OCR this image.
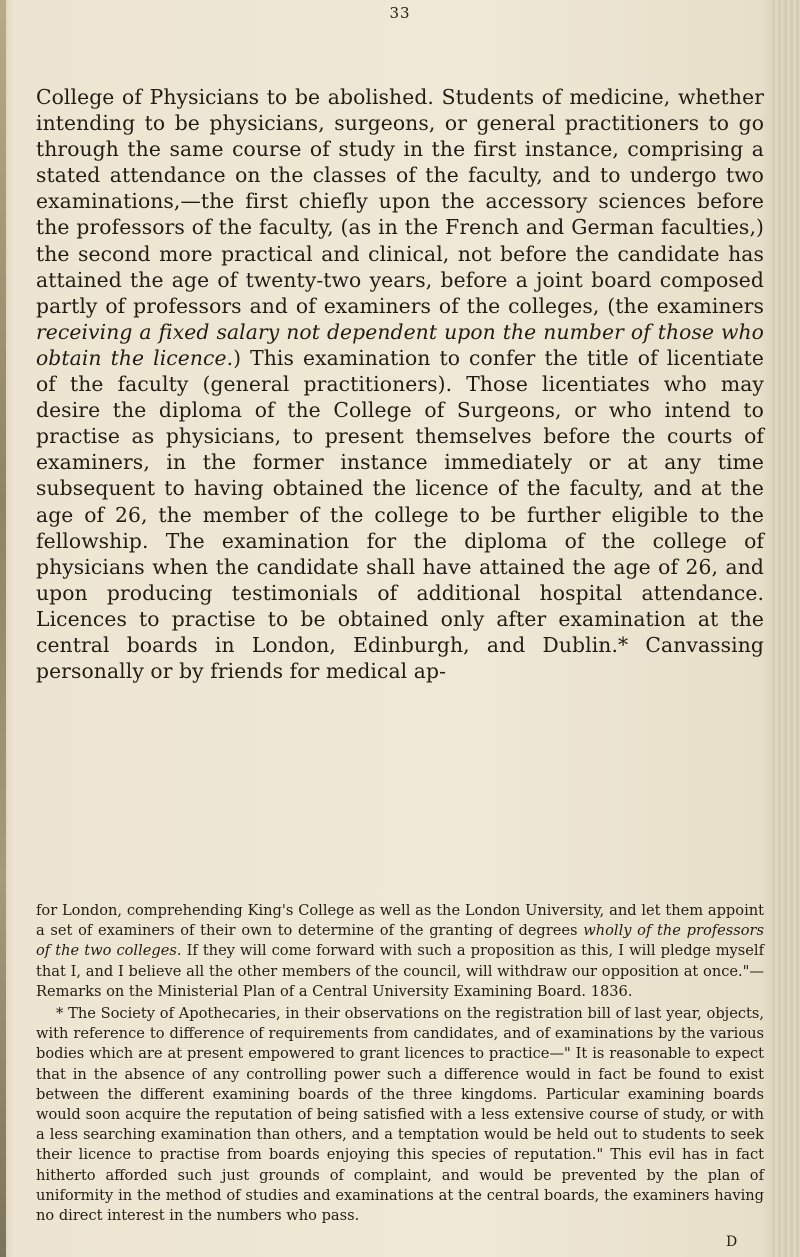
33
College of Physicians to be abolished. Students of medicine, whether intending to be physicians, surgeons, or general practitioners to go through the same course of study in the first instance, comprising a stated attendance on the classes of the faculty, and to undergo two examinations,—the first chiefly upon the accessory sciences before the professors of the faculty, (as in the French and German faculties,) the second more practical and clinical, not before the candidate has attained the age of twenty-two years, before a joint board composed partly of professors and of examiners of the colleges, (the examiners receiving a fixed salary not dependent upon the number of those who obtain the licence.) This examination to confer the title of licentiate of the faculty (general practitioners). Those licentiates who may desire the diploma of the College of Surgeons, or who intend to practise as physicians, to present themselves before the courts of examiners, in the former instance immediately or at any time subsequent to having obtained the licence of the faculty, and at the age of 26, the member of the college to be further eligible to the fellowship. The examination for the diploma of the college of physicians when the candidate shall have attained the age of 26, and upon producing testimonials of additional hospital attendance. Licences to practise to be obtained only after examination at the central boards in London, Edinburgh, and Dublin.* Canvassing personally or by friends for medical ap-
for London, comprehending King's College as well as the London University, and let them appoint a set of examiners of their own to determine of the granting of degrees wholly of the professors of the two colleges. If they will come forward with such a proposition as this, I will pledge myself that I, and I believe all the other members of the council, will withdraw our opposition at once."—Remarks on the Ministerial Plan of a Central University Examining Board. 1836.
* The Society of Apothecaries, in their observations on the registration bill of last year, objects, with reference to difference of requirements from candidates, and of examinations by the various bodies which are at present empowered to grant licences to practice—" It is reasonable to expect that in the absence of any controlling power such a difference would in fact be found to exist between the different examining boards of the three kingdoms. Particular examining boards would soon acquire the reputation of being satisfied with a less extensive course of study, or with a less searching examination than others, and a temptation would be held out to students to seek their licence to practise from boards enjoying this species of reputation." This evil has in fact hitherto afforded such just grounds of complaint, and would be prevented by the plan of uniformity in the method of studies and examinations at the central boards, the examiners having no direct interest in the numbers who pass.
D
